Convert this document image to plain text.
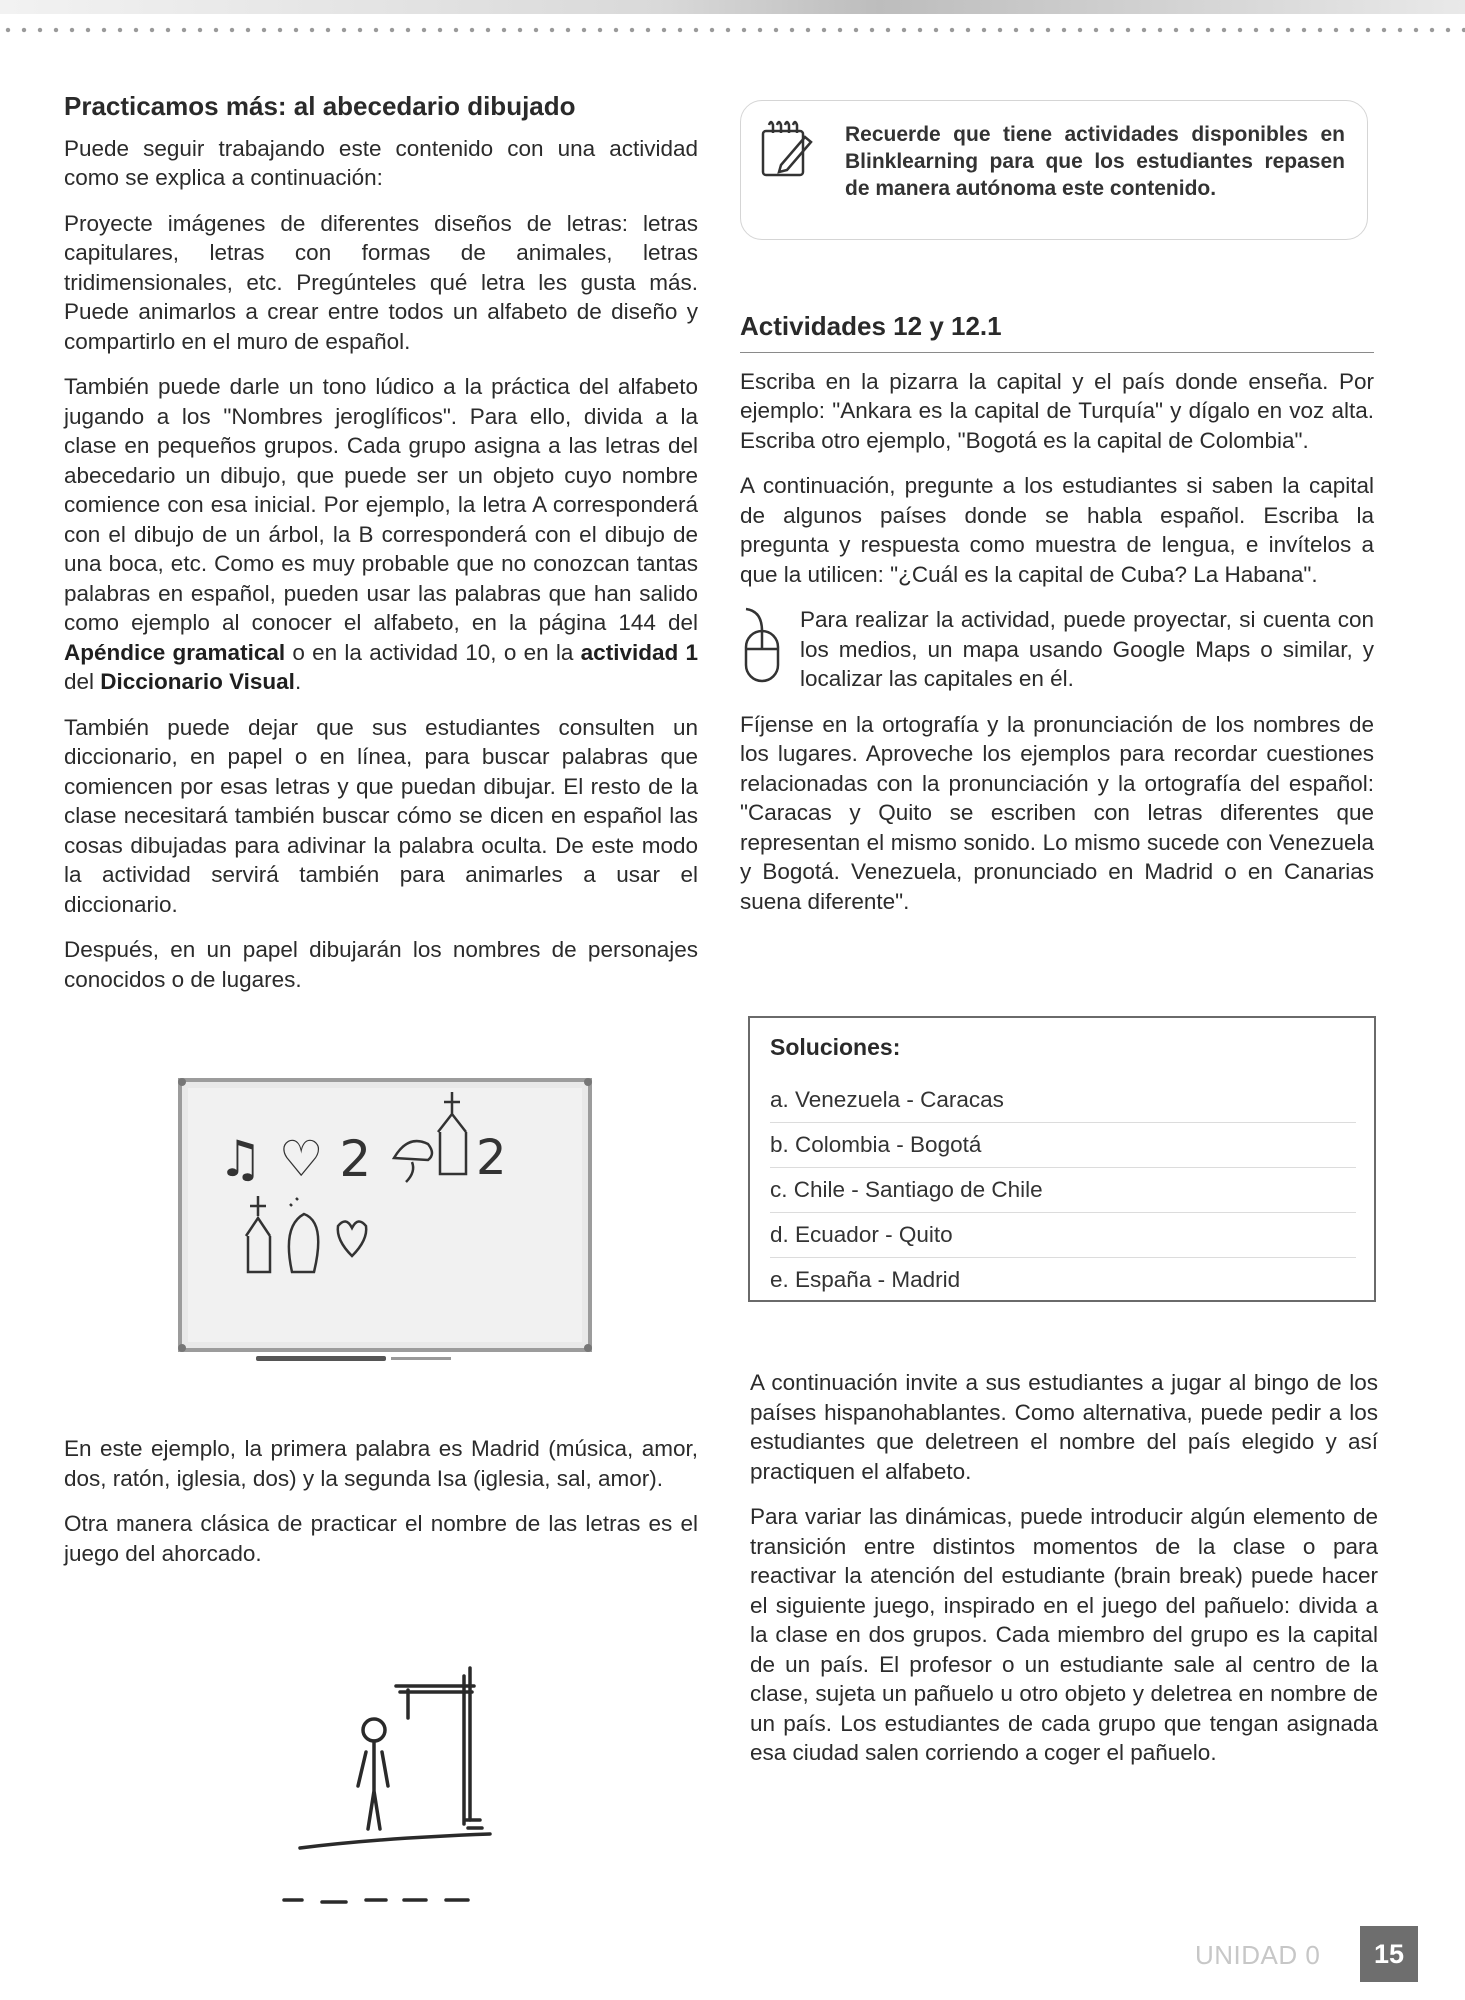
Practicamos más: al abecedario dibujado

Puede seguir trabajando este contenido con una actividad como se explica a continuación:

Proyecte imágenes de diferentes diseños de letras: letras capitulares, letras con formas de animales, letras tridimensionales, etc. Pregúnteles qué letra les gusta más. Puede animarlos a crear entre todos un alfabeto de diseño y compartirlo en el muro de español.

También puede darle un tono lúdico a la práctica del alfabeto jugando a los "Nombres jeroglíficos". Para ello, divida a la clase en pequeños grupos. Cada grupo asigna a las letras del abecedario un dibujo, que puede ser un objeto cuyo nombre comience con esa inicial. Por ejemplo, la letra A corresponderá con el dibujo de un árbol, la B corresponderá con el dibujo de una boca, etc. Como es muy probable que no conozcan tantas palabras en español, pueden usar las palabras que han salido como ejemplo al conocer el alfabeto, en la página 144 del Apéndice gramatical o en la actividad 10, o en la actividad 1 del Diccionario Visual.

También puede dejar que sus estudiantes consulten un diccionario, en papel o en línea, para buscar palabras que comiencen por esas letras y que puedan dibujar. El resto de la clase necesitará también buscar cómo se dicen en español las cosas dibujadas para adivinar la palabra oculta. De este modo la actividad servirá también para animarles a usar el diccionario.

Después, en un papel dibujarán los nombres de personajes conocidos o de lugares.

♫ ♡ 2 2

En este ejemplo, la primera palabra es Madrid (música, amor, dos, ratón, iglesia, dos) y la segunda Isa (iglesia, sal, amor).

Otra manera clásica de practicar el nombre de las letras es el juego del ahorcado.

Recuerde que tiene actividades disponibles en Blinklearning para que los estudiantes repasen de manera autónoma este contenido.
Actividades 12 y 12.1

Escriba en la pizarra la capital y el país donde enseña. Por ejemplo: "Ankara es la capital de Turquía" y dígalo en voz alta. Escriba otro ejemplo, "Bogotá es la capital de Colombia".

A continuación, pregunte a los estudiantes si saben la capital de algunos países donde se habla español. Escriba la pregunta y respuesta como muestra de lengua, e invítelos a que la utilicen: "¿Cuál es la capital de Cuba? La Habana".

Para realizar la actividad, puede proyectar, si cuenta con los medios, un mapa usando Google Maps o similar, y localizar las capitales en él.

Fíjense en la ortografía y la pronunciación de los nombres de los lugares. Aproveche los ejemplos para recordar cuestiones relacionadas con la pronunciación y la ortografía del español: "Caracas y Quito se escriben con letras diferentes que representan el mismo sonido. Lo mismo sucede con Venezuela y Bogotá. Venezuela, pronunciado en Madrid o en Canarias suena diferente".

Soluciones:
a. Venezuela - Caracas
b. Colombia - Bogotá
c. Chile - Santiago de Chile
d. Ecuador - Quito
e. España - Madrid

A continuación invite a sus estudiantes a jugar al bingo de los países hispanohablantes. Como alternativa, puede pedir a los estudiantes que deletreen el nombre del país elegido y así practiquen el alfabeto.

Para variar las dinámicas, puede introducir algún elemento de transición entre distintos momentos de la clase o para reactivar la atención del estudiante (brain break) puede hacer el siguiente juego, inspirado en el juego del pañuelo: divida a la clase en dos grupos. Cada miembro del grupo es la capital de un país. El profesor o un estudiante sale al centro de la clase, sujeta un pañuelo u otro objeto y deletrea en nombre de un país. Los estudiantes de cada grupo que tengan asignada esa ciudad salen corriendo a coger el pañuelo.

UNIDAD 0	15
